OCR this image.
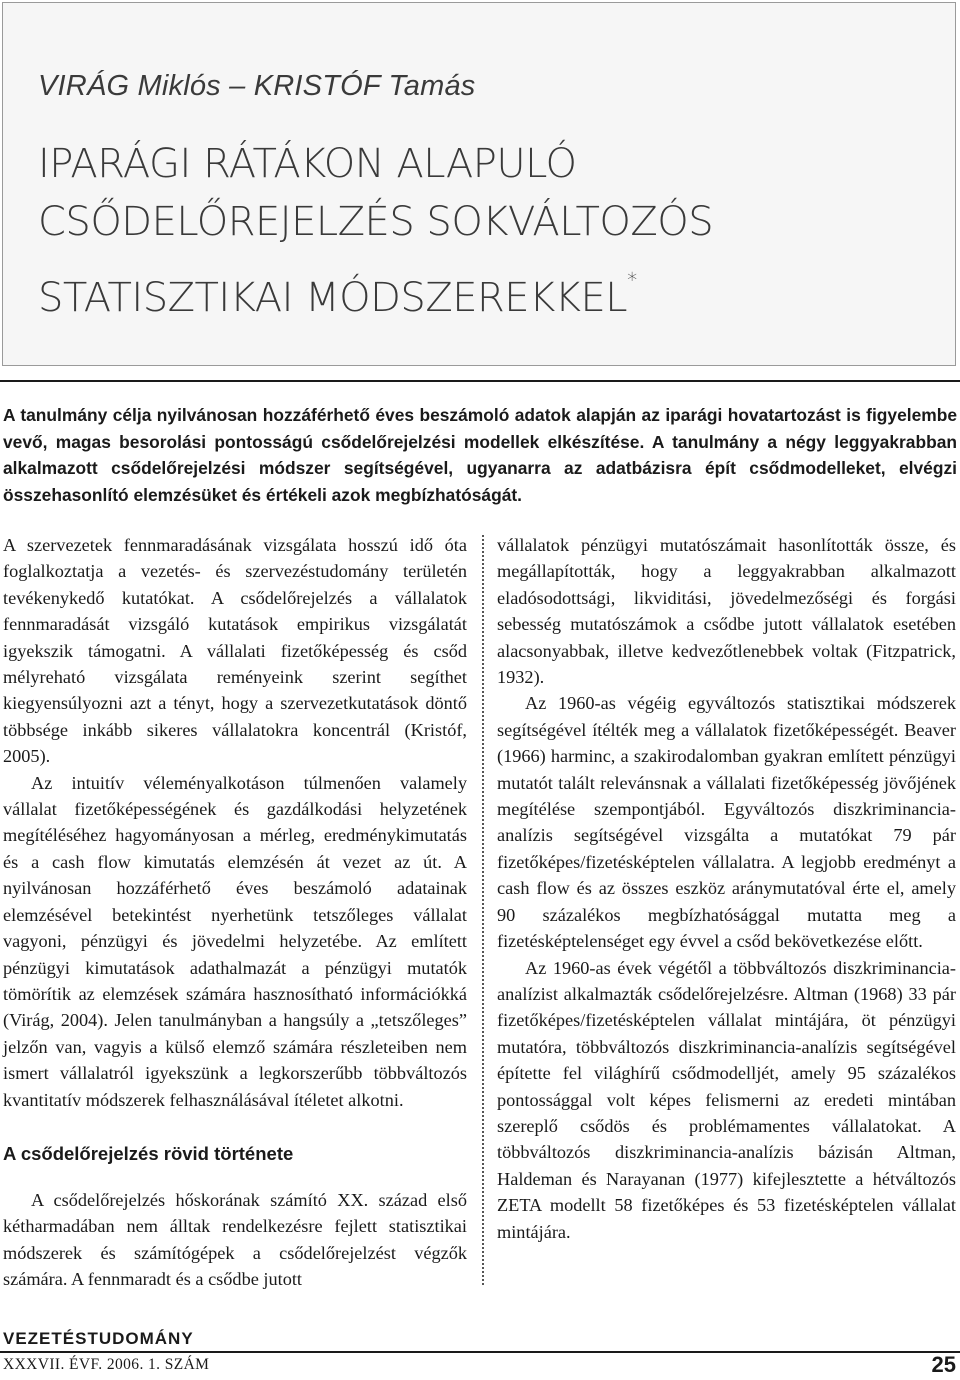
VIRÁG Miklós – KRISTÓF Tamás
IPARÁGI RÁTÁKON ALAPULÓ
CSŐDELŐREJELZÉS SOKVÁLTOZÓS
STATISZTIKAI MÓDSZEREKKEL*

A tanulmány célja nyilvánosan hozzáférhető éves beszámoló adatok alapján az iparági hovatartozást is figyelembe vevő, magas besorolási pontosságú csődelőrejelzési modellek elkészítése. A tanulmány a négy leggyakrabban alkalmazott csődelőrejelzési módszer segítségével, ugyanarra az adatbázisra épít csődmodelleket, elvégzi összehasonlító elemzésüket és értékeli azok megbízhatóságát.

A szervezetek fennmaradásának vizsgálata hosszú idő óta foglalkoztatja a vezetés- és szervezéstudomány területén tevékenykedő kutatókat. A csődelőrejelzés a vállalatok fennmaradását vizsgáló kutatások empirikus vizsgálatát igyekszik támogatni. A vállalati fizetőképesség és csőd mélyreható vizsgálata reményeink szerint segíthet kiegyensúlyozni azt a tényt, hogy a szervezetkutatások döntő többsége inkább sikeres vállalatokra koncentrál (Kristóf, 2005).

Az intuitív véleményalkotáson túlmenően valamely vállalat fizetőképességének és gazdálkodási helyzetének megítéléséhez hagyományosan a mérleg, eredménykimutatás és a cash flow kimutatás elemzésén át vezet az út. A nyilvánosan hozzáférhető éves beszámoló adatainak elemzésével betekintést nyerhetünk tetszőleges vállalat vagyoni, pénzügyi és jövedelmi helyzetébe. Az említett pénzügyi kimutatások adathalmazát a pénzügyi mutatók tömörítik az elemzések számára hasznosítható információkká (Virág, 2004). Jelen tanulmányban a hangsúly a „tetszőleges” jelzőn van, vagyis a külső elemző számára részleteiben nem ismert vállalatról igyekszünk a legkorszerűbb többváltozós kvantitatív módszerek felhasználásával ítéletet alkotni.

A csődelőrejelzés rövid története

A csődelőrejelzés hőskorának számító XX. század első kétharmadában nem álltak rendelkezésre fejlett statisztikai módszerek és számítógépek a csődelőrejelzést végzők számára. A fennmaradt és a csődbe jutott

vállalatok pénzügyi mutatószámait hasonlították össze, és megállapították, hogy a leggyakrabban alkalmazott eladósodottsági, likviditási, jövedelmezőségi és forgási sebesség mutatószámok a csődbe jutott vállalatok esetében alacsonyabbak, illetve kedvezőtlenebbek voltak (Fitzpatrick, 1932).

Az 1960-as végéig egyváltozós statisztikai módszerek segítségével ítélték meg a vállalatok fizetőképességét. Beaver (1966) harminc, a szakirodalomban gyakran említett pénzügyi mutatót talált relevánsnak a vállalati fizetőképesség jövőjének megítélése szempontjából. Egyváltozós diszkriminancia-analízis segítségével vizsgálta a mutatókat 79 pár fizetőképes/fizetésképtelen vállalatra. A legjobb eredményt a cash flow és az összes eszköz aránymutatóval érte el, amely 90 százalékos megbízhatósággal mutatta meg a fizetésképtelenséget egy évvel a csőd bekövetkezése előtt.

Az 1960-as évek végétől a többváltozós diszkriminancia-analízist alkalmazták csődelőrejelzésre. Altman (1968) 33 pár fizetőképes/fizetésképtelen vállalat mintájára, öt pénzügyi mutatóra, többváltozós diszkriminancia-analízis segítségével építette fel világhírű csődmodelljét, amely 95 százalékos pontossággal volt képes felismerni az eredeti mintában szereplő csődös és problémamentes vállalatokat. A többváltozós diszkriminancia-analízis bázisán Altman, Haldeman és Narayanan (1977) kifejlesztette a hétváltozós ZETA modellt 58 fizetőképes és 53 fizetésképtelen vállalat mintájára.

VEZETÉSTUDOMÁNY

XXXVII. ÉVF. 2006. 1. SZÁM	25
